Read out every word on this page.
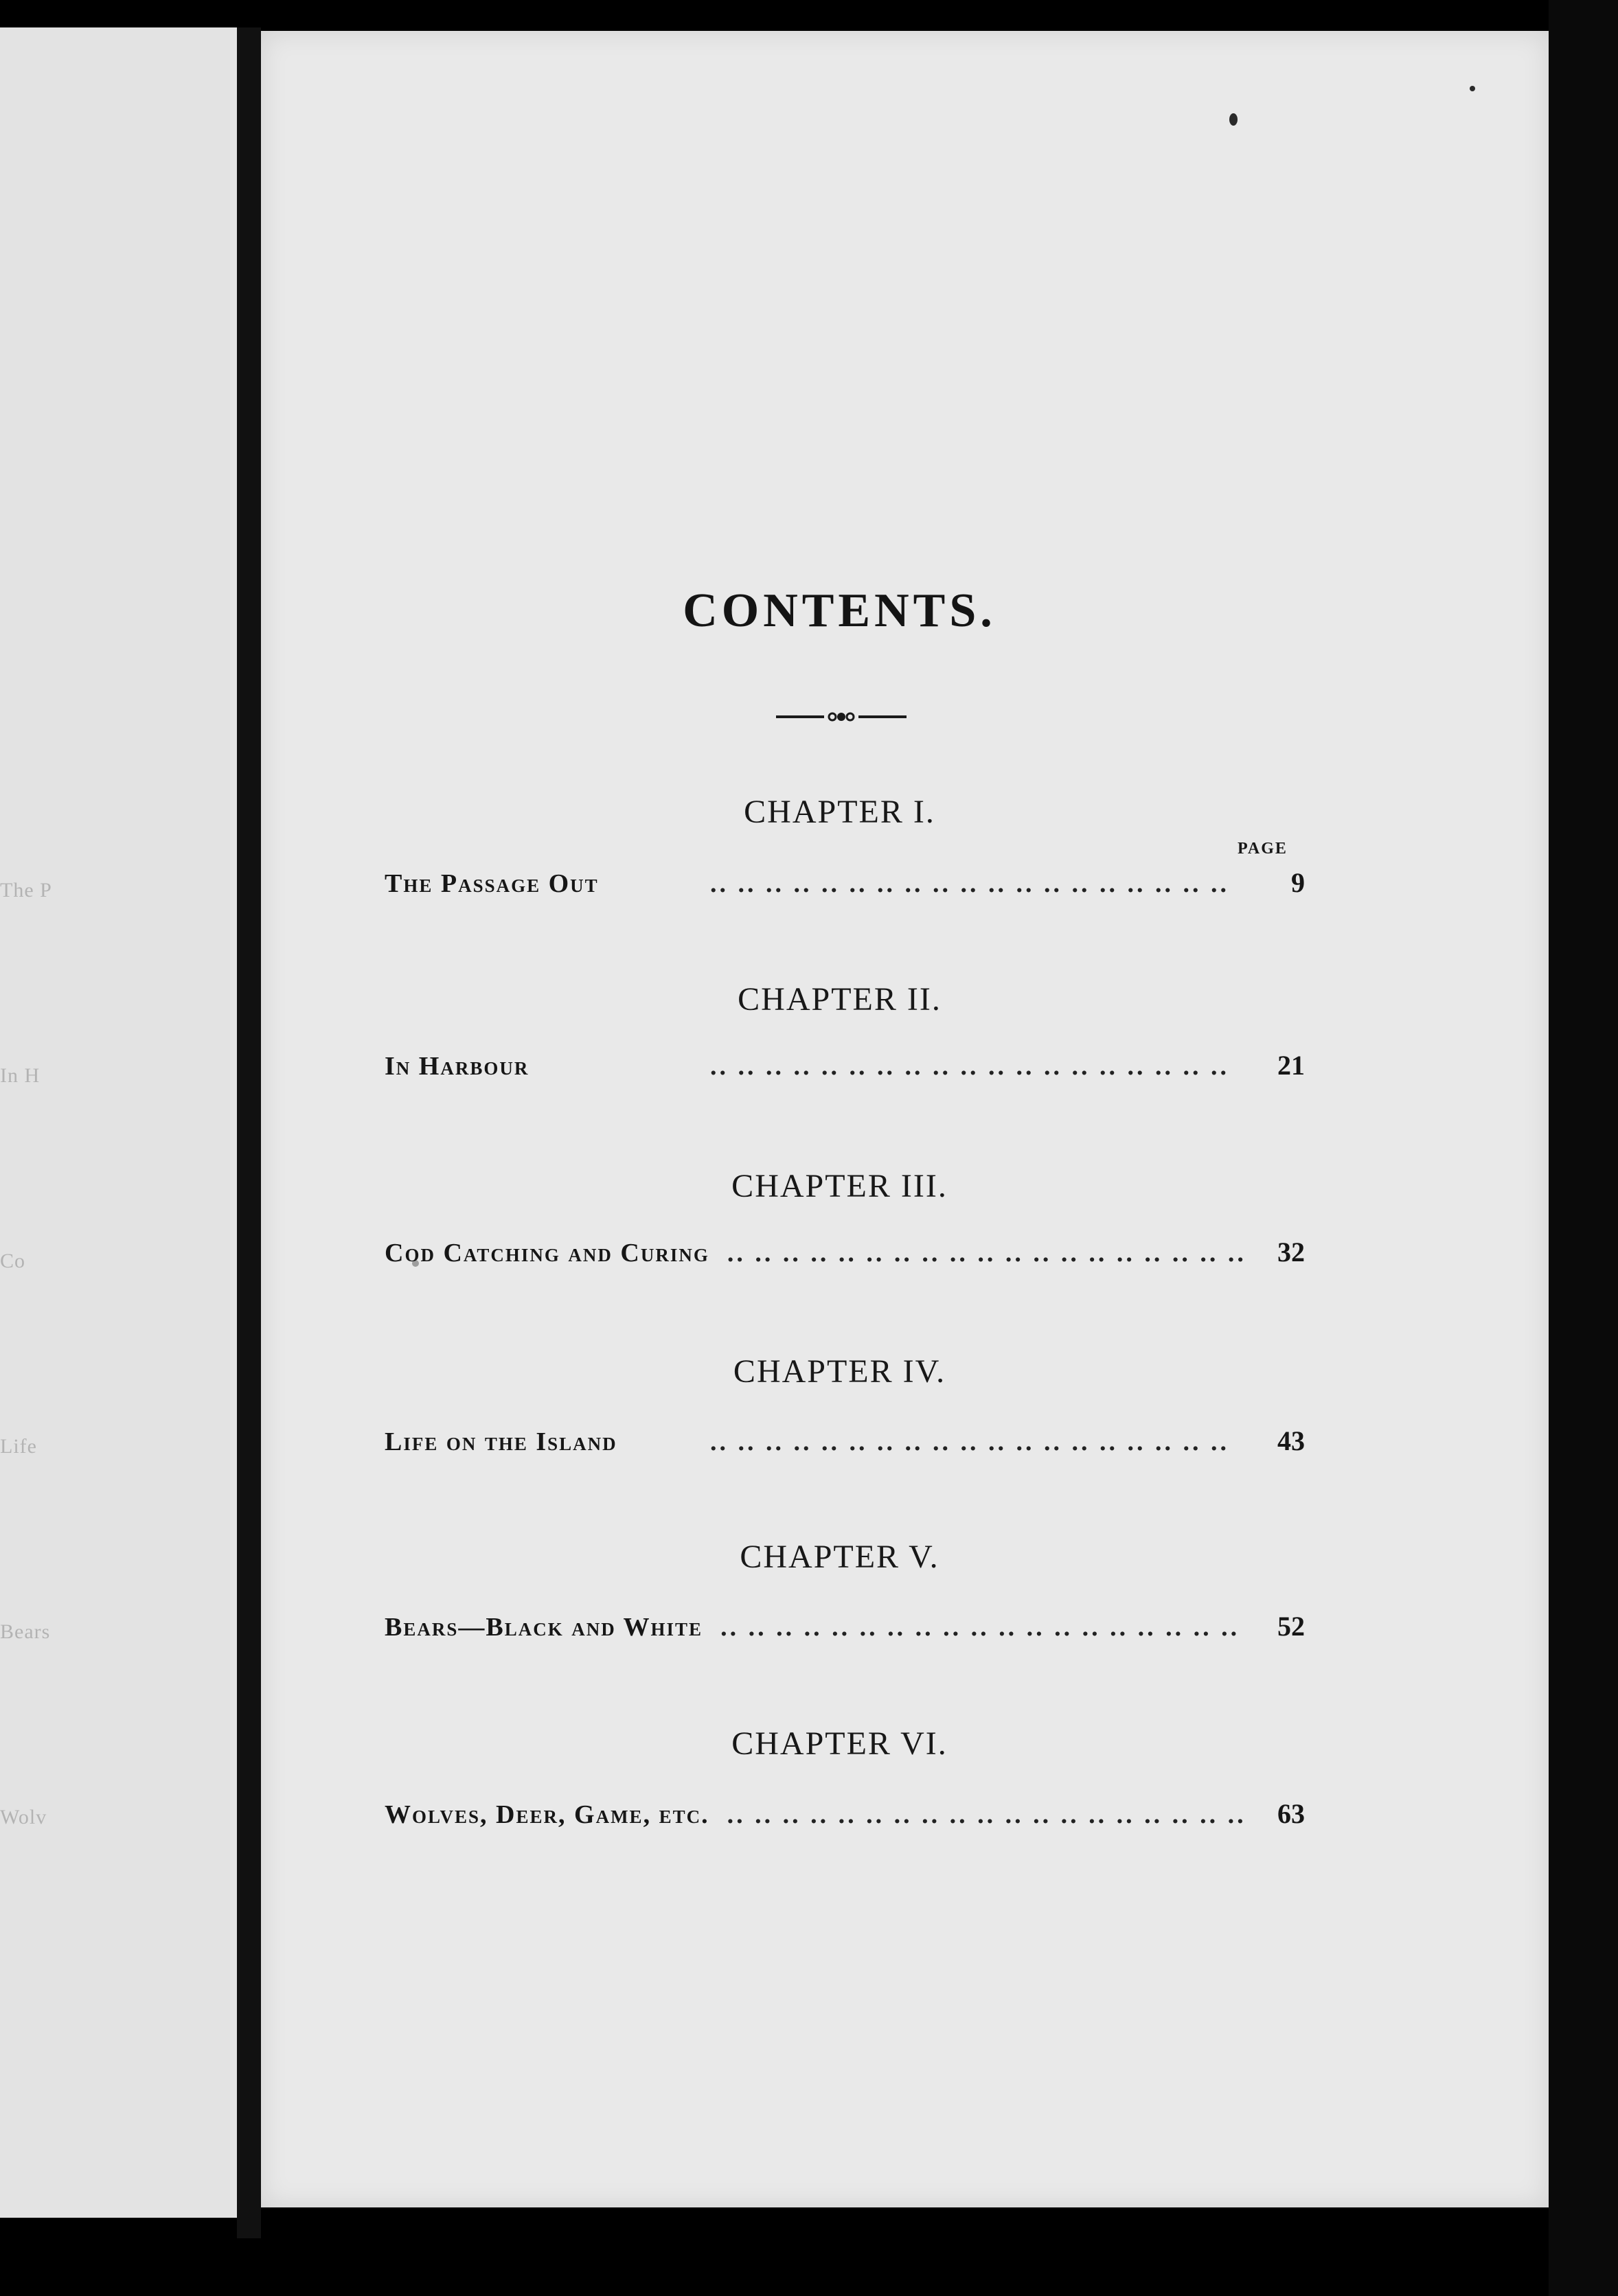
The P
In H
Co
Life
Bears
Wolv
CONTENTS.
PAGE
CHAPTER I.
The Passage Out	.. .. .. .. .. .. .. .. .. .. .. .. .. .. .. .. .. .. ..	9
CHAPTER II.
In Harbour	.. .. .. .. .. .. .. .. .. .. .. .. .. .. .. .. .. .. ..	21
CHAPTER III.
Cod Catching and Curing .. .. .. .. .. .. .. .. .. .. .. .. .. .. .. .. .. .. ..	32
CHAPTER IV.
Life on the Island	.. .. .. .. .. .. .. .. .. .. .. .. .. .. .. .. .. .. ..	43
CHAPTER V.
Bears—Black and White .. .. .. .. .. .. .. .. .. .. .. .. .. .. .. .. .. .. ..	52
CHAPTER VI.
Wolves, Deer, Game, etc. .. .. .. .. .. .. .. .. .. .. .. .. .. .. .. .. .. .. ..	63
